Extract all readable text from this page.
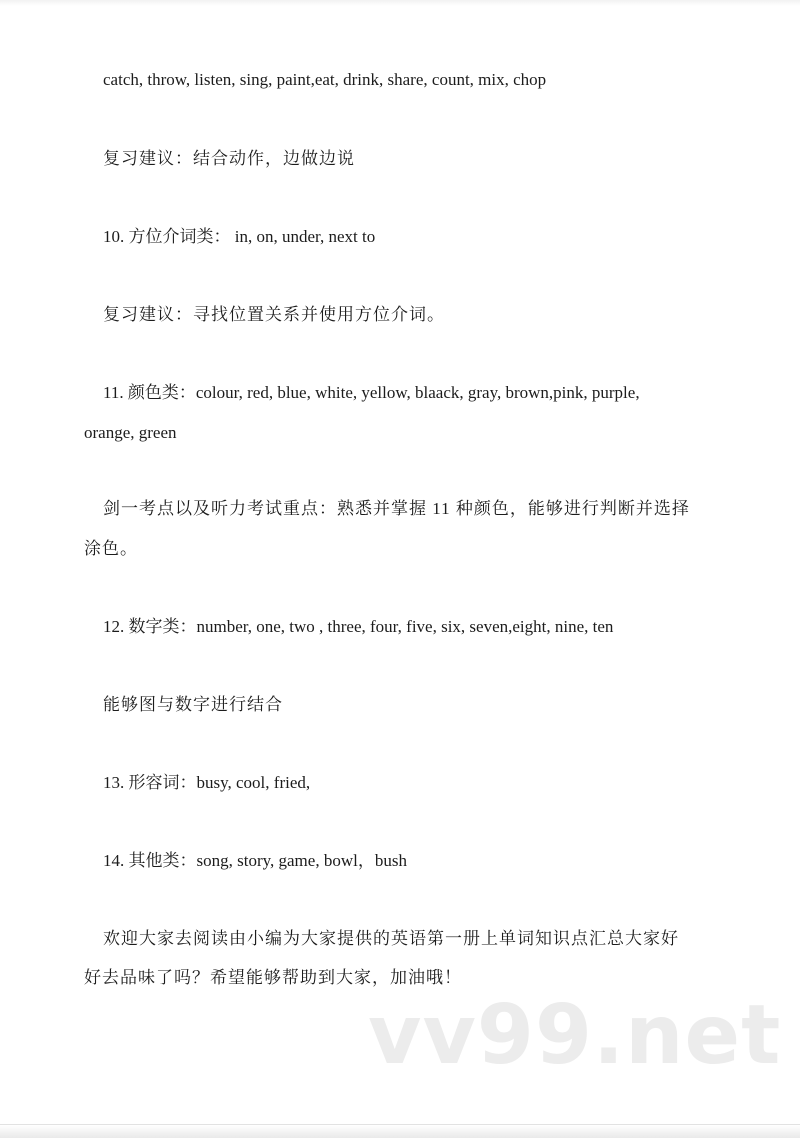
catch, throw, listen, sing, paint,eat, drink, share, count, mix, chop
复习建议：结合动作，边做边说
10. 方位介词类： in, on, under, next to
复习建议：寻找位置关系并使用方位介词。
11. 颜色类：colour, red, blue, white, yellow, blaack, gray, brown,pink, purple,
orange, green
剑一考点以及听力考试重点：熟悉并掌握 11 种颜色，能够进行判断并选择
涂色。
12. 数字类：number, one, two , three, four, five, six, seven,eight, nine, ten
能够图与数字进行结合
13. 形容词：busy, cool, fried,
14. 其他类：song, story, game, bowl，bush
欢迎大家去阅读由小编为大家提供的英语第一册上单词知识点汇总大家好
好去品味了吗？希望能够帮助到大家，加油哦！
vv99.net
